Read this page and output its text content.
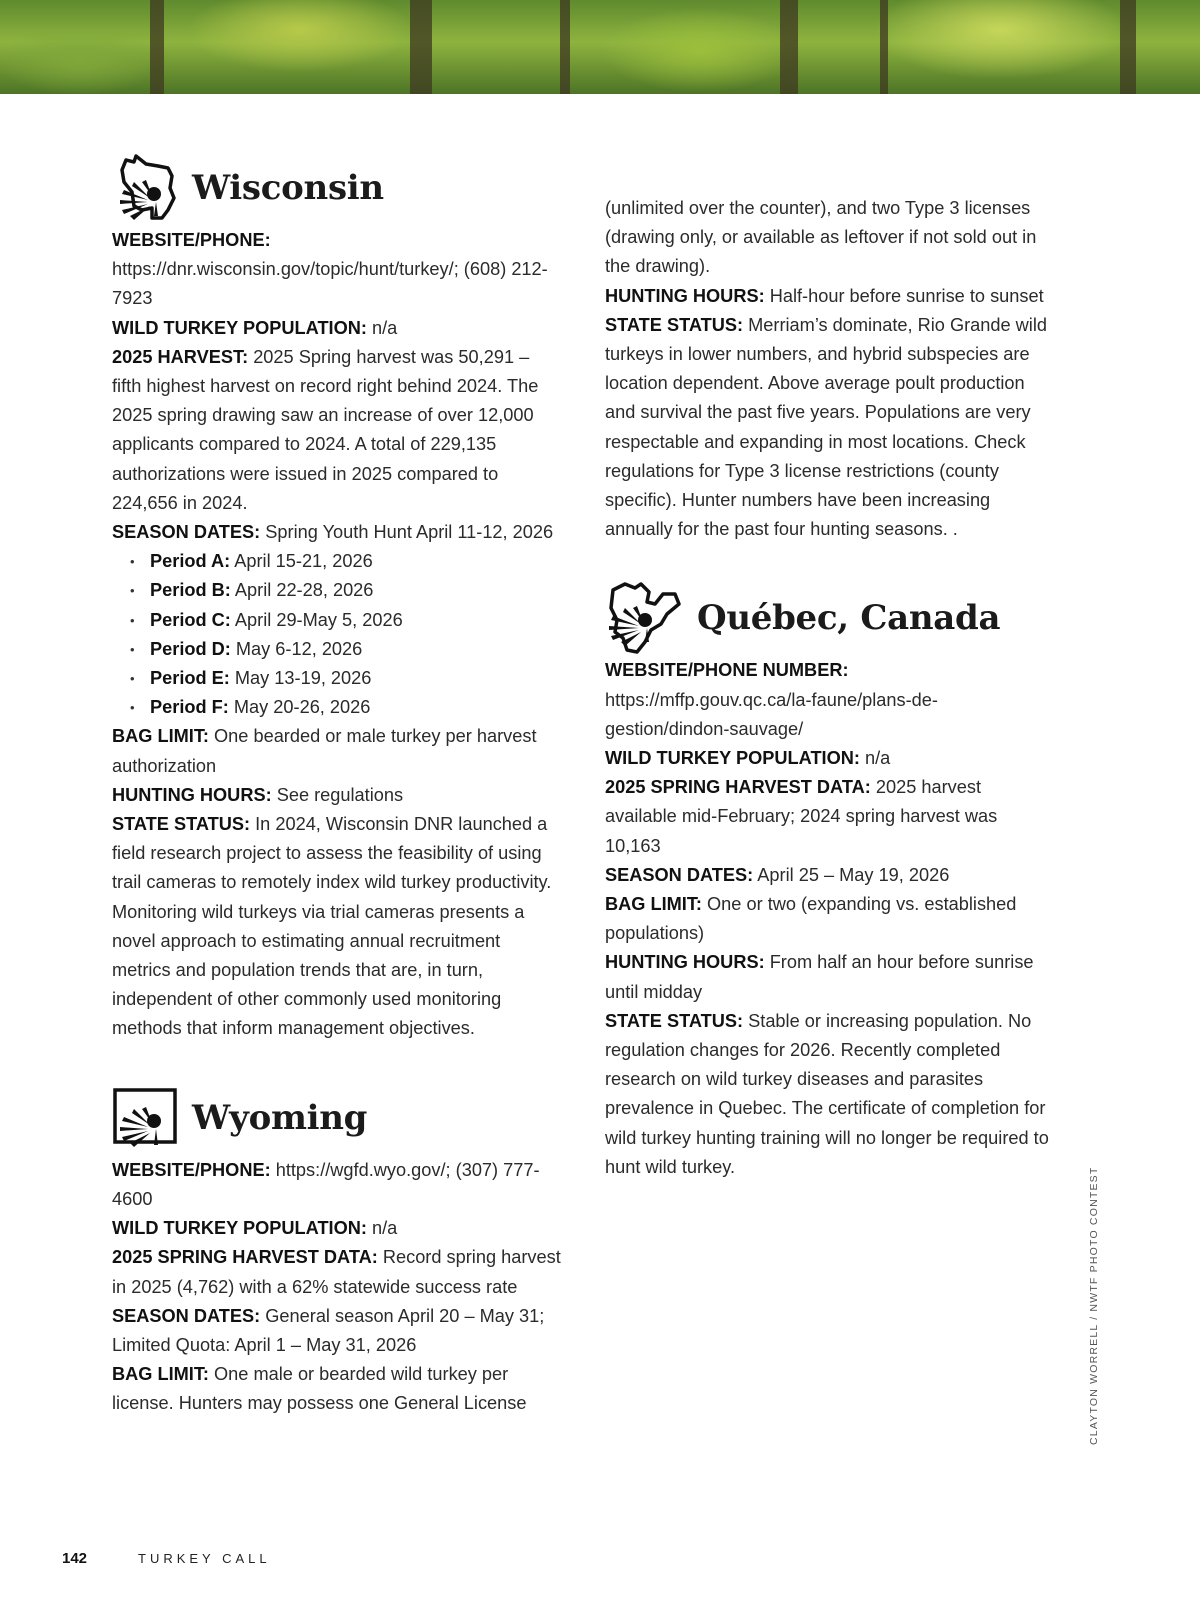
Wisconsin

WEBSITE/PHONE: https://dnr.wisconsin.gov/topic/hunt/turkey/; (608) 212-7923

WILD TURKEY POPULATION: n/a

2025 HARVEST: 2025 Spring harvest was 50,291 – fifth highest harvest on record right behind 2024. The 2025 spring drawing saw an increase of over 12,000 applicants compared to 2024. A total of 229,135 authorizations were issued in 2025 compared to 224,656 in 2024.

SEASON DATES: Spring Youth Hunt April 11-12, 2026

• Period A: April 15-21, 2026
• Period B: April 22-28, 2026
• Period C: April 29-May 5, 2026
• Period D: May 6-12, 2026
• Period E: May 13-19, 2026
• Period F: May 20-26, 2026

BAG LIMIT: One bearded or male turkey per harvest authorization

HUNTING HOURS: See regulations

STATE STATUS: In 2024, Wisconsin DNR launched a field research project to assess the feasibility of using trail cameras to remotely index wild turkey productivity. Monitoring wild turkeys via trial cameras presents a novel approach to estimating annual recruitment metrics and population trends that are, in turn, independent of other commonly used monitoring methods that inform management objectives.

Wyoming

WEBSITE/PHONE: https://wgfd.wyo.gov/; (307) 777-4600

WILD TURKEY POPULATION: n/a

2025 SPRING HARVEST DATA: Record spring harvest in 2025 (4,762) with a 62% statewide success rate

SEASON DATES: General season April 20 – May 31; Limited Quota: April 1 – May 31, 2026

BAG LIMIT: One male or bearded wild turkey per license. Hunters may possess one General License

(unlimited over the counter), and two Type 3 licenses (drawing only, or available as leftover if not sold out in the drawing).

HUNTING HOURS: Half-hour before sunrise to sunset

STATE STATUS: Merriam’s dominate, Rio Grande wild turkeys in lower numbers, and hybrid subspecies are location dependent. Above average poult production and survival the past five years. Populations are very respectable and expanding in most locations. Check regulations for Type 3 license restrictions (county specific). Hunter numbers have been increasing annually for the past four hunting seasons. .

Québec, Canada

WEBSITE/PHONE NUMBER: https://mffp.gouv.qc.ca/la-faune/plans-de-gestion/dindon-sauvage/

WILD TURKEY POPULATION: n/a

2025 SPRING HARVEST DATA: 2025 harvest available mid-February; 2024 spring harvest was 10,163

SEASON DATES: April 25 – May 19, 2026

BAG LIMIT: One or two (expanding vs. established populations)

HUNTING HOURS: From half an hour before sunrise until midday

STATE STATUS: Stable or increasing population. No regulation changes for 2026. Recently completed research on wild turkey diseases and parasites prevalence in Quebec. The certificate of completion for wild turkey hunting training will no longer be required to hunt wild turkey.	CLAYTON WORRELL / NWTF PHOTO CONTEST
142	TURKEY CALL
